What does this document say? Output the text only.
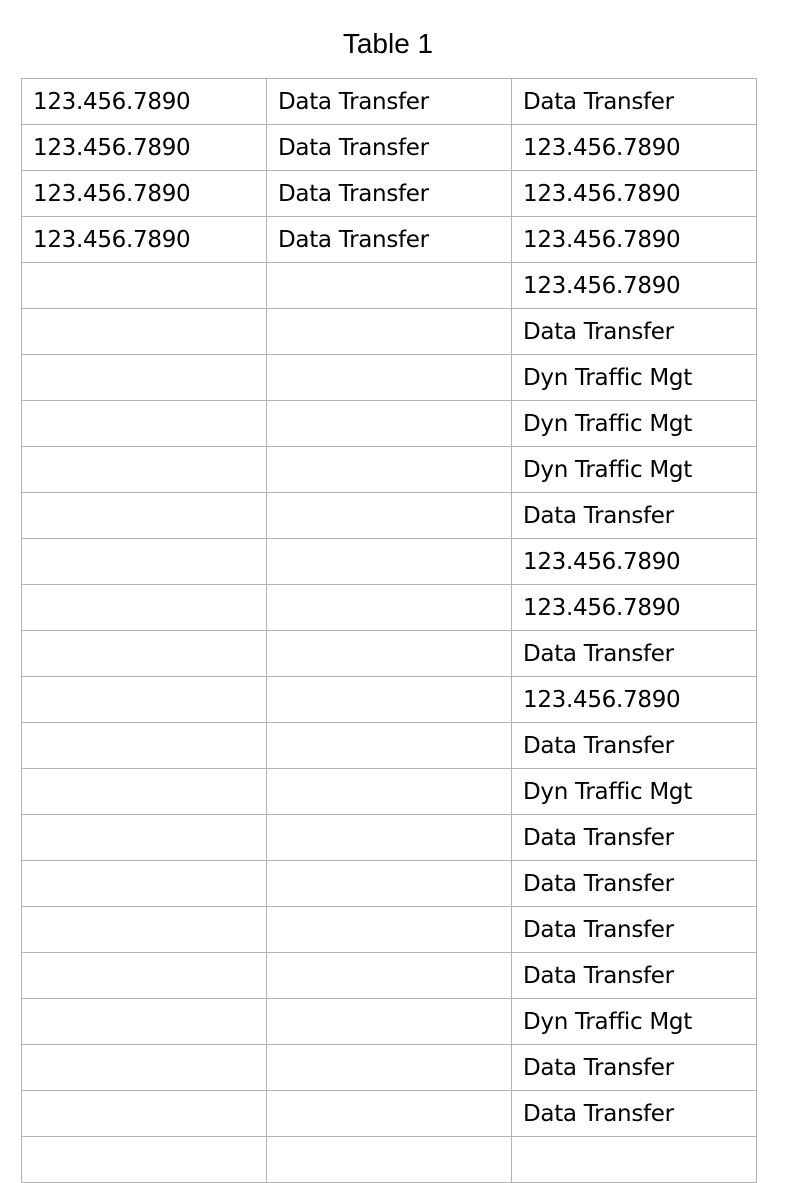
Table 1
123.456.7890	Data Transfer	Data Transfer
123.456.7890	Data Transfer	123.456.7890
123.456.7890	Data Transfer	123.456.7890
123.456.7890	Data Transfer	123.456.7890
		123.456.7890
		Data Transfer
		Dyn Traffic Mgt
		Dyn Traffic Mgt
		Dyn Traffic Mgt
		Data Transfer
		123.456.7890
		123.456.7890
		Data Transfer
		123.456.7890
		Data Transfer
		Dyn Traffic Mgt
		Data Transfer
		Data Transfer
		Data Transfer
		Data Transfer
		Dyn Traffic Mgt
		Data Transfer
		Data Transfer
